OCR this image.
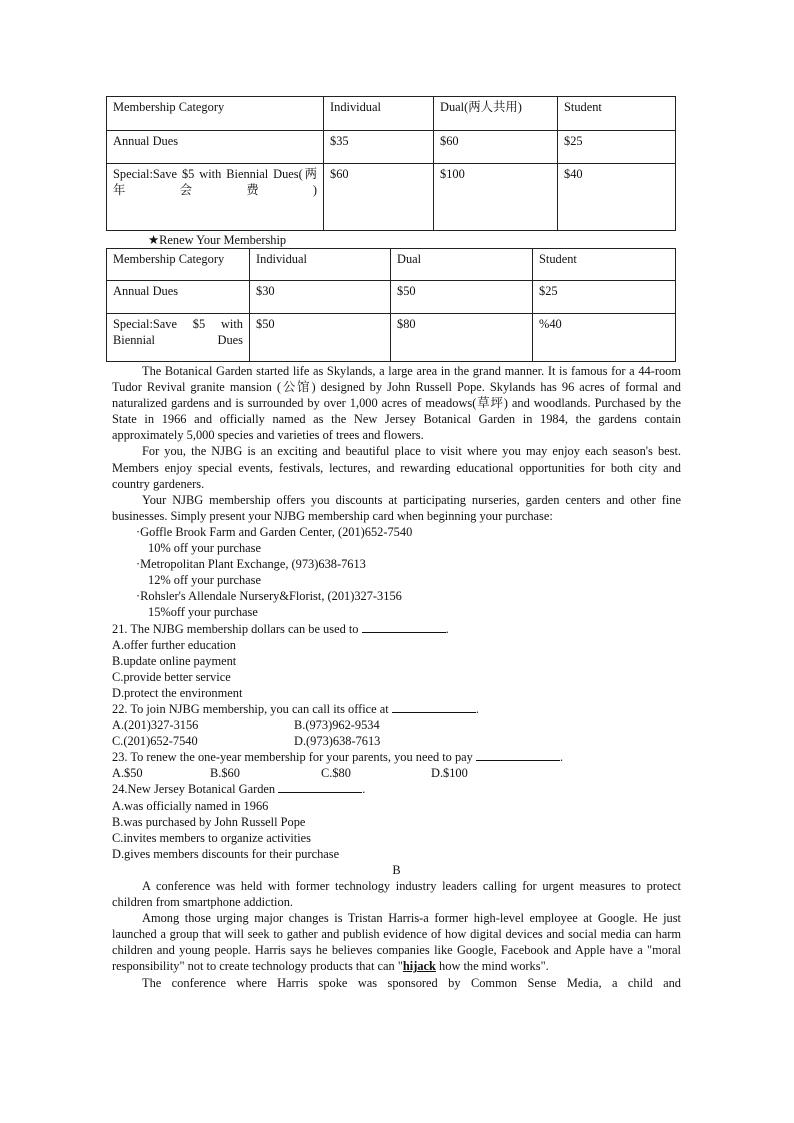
Membership Category	Individual	Dual(两人共用)	Student
Annual Dues	$35	$60	$25
Special:Save $5 with Biennial Dues(两年会费)	$60	$100	$40
★Renew Your Membership
Membership Category	Individual	Dual	Student
Annual Dues	$30	$50	$25
Special:Save $5 with Biennial Dues	$50	$80	%40

The Botanical Garden started life as Skylands, a large area in the grand manner. It is famous for a 44-room Tudor Revival granite mansion (公馆) designed by John Russell Pope. Skylands has 96 acres of formal and naturalized gardens and is surrounded by over 1,000 acres of meadows(草坪) and woodlands. Purchased by the State in 1966 and officially named as the New Jersey Botanical Garden in 1984, the gardens contain approximately 5,000 species and varieties of trees and flowers.

For you, the NJBG is an exciting and beautiful place to visit where you may enjoy each season's best. Members enjoy special events, festivals, lectures, and rewarding educational opportunities for both city and country gardeners.

Your NJBG membership offers you discounts at participating nurseries, garden centers and other fine businesses. Simply present your NJBG membership card when beginning your purchase:

·Goffle Brook Farm and Garden Center, (201)652-7540

10% off your purchase

·Metropolitan Plant Exchange, (973)638-7613

12% off your purchase

·Rohsler's Allendale Nursery&Florist, (201)327-3156

15%off your purchase

21. The NJBG membership dollars can be used to	.

A.offer further education

B.update online payment

C.provide better service

D.protect the environment

22. To join NJBG membership, you can call its office at	.

A.(201)327-3156	B.(973)962-9534
C.(201)652-7540	D.(973)638-7613

23. To renew the one-year membership for your parents, you need to pay	.

A.$50	B.$60	C.$80	D.$100

24.New Jersey Botanical Garden	.

A.was officially named in 1966

B.was purchased by John Russell Pope

C.invites members to organize activities

D.gives members discounts for their purchase

B

A conference was held with former technology industry leaders calling for urgent measures to protect children from smartphone addiction.

Among those urging major changes is Tristan Harris-a former high-level employee at Google. He just launched a group that will seek to gather and publish evidence of how digital devices and social media can harm children and young people. Harris says he believes companies like Google, Facebook and Apple have a "moral responsibility" not to create technology products that can "hijack how the mind works".

The conference where Harris spoke was sponsored by Common Sense Media, a child and
